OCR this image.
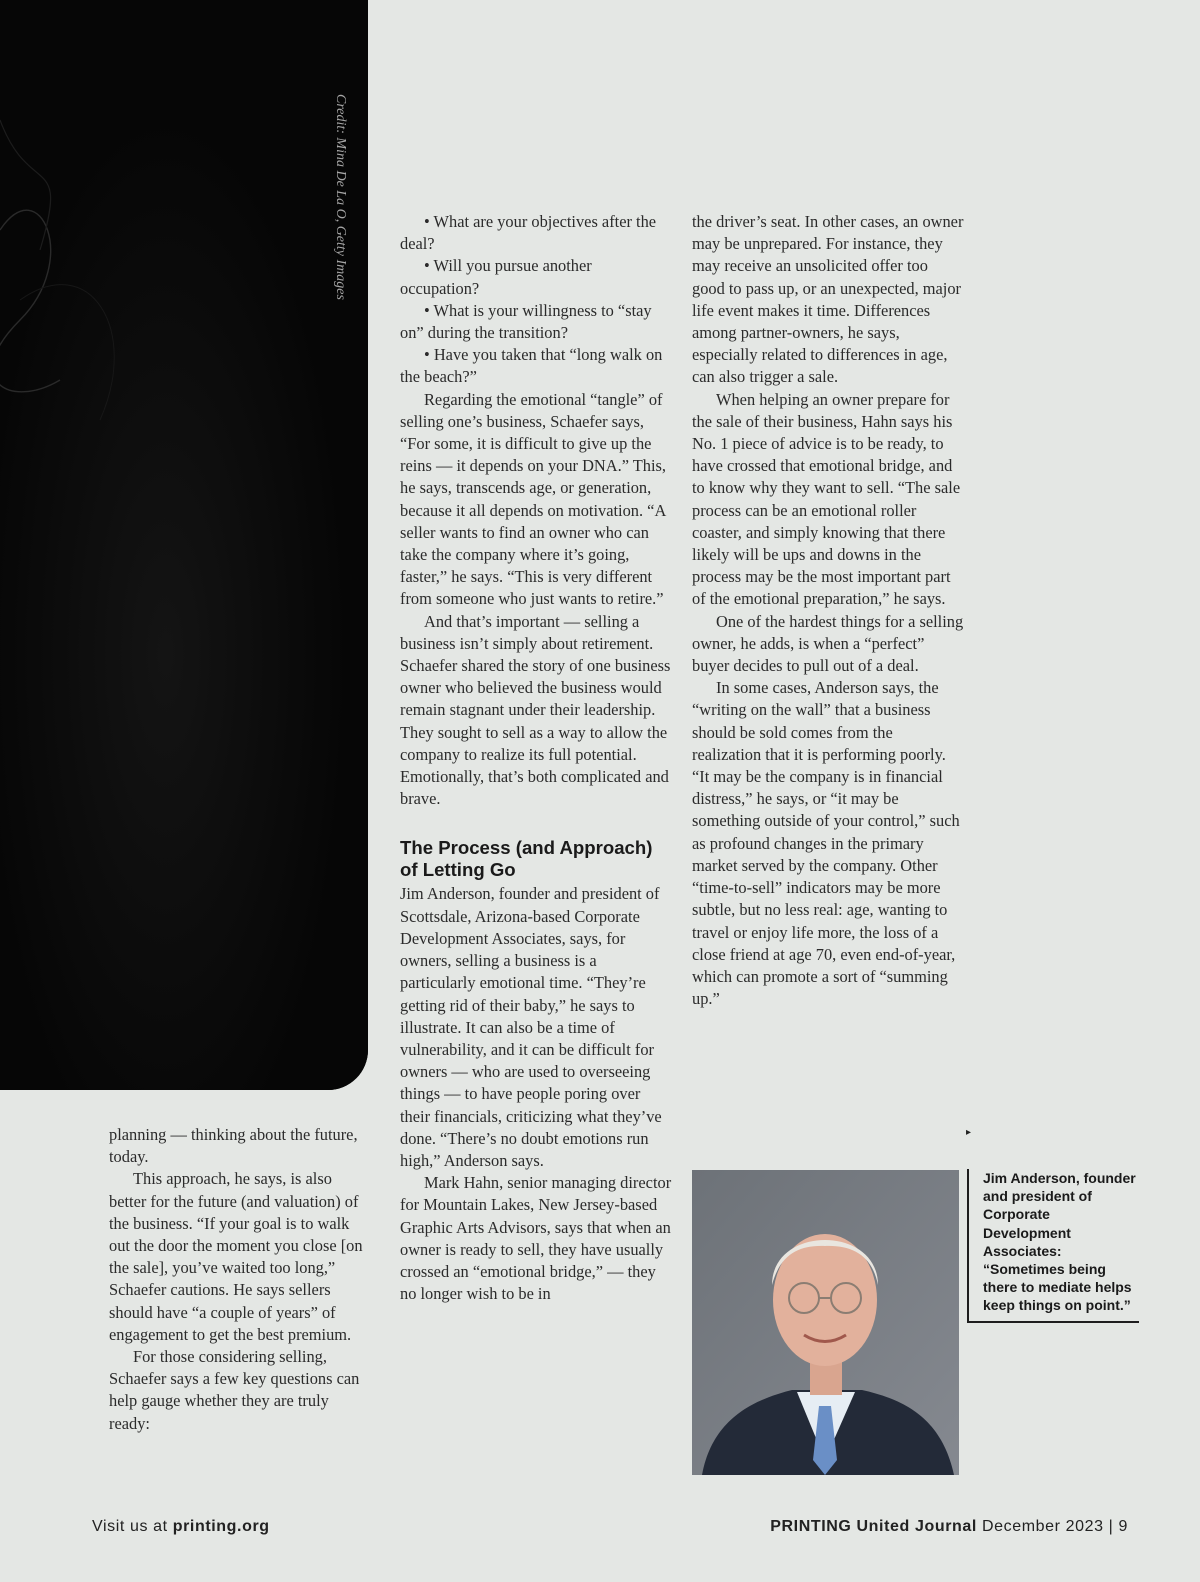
Credit: Mina De La O, Getty Images

planning — thinking about the future, today.

This approach, he says, is also better for the future (and valuation) of the business. “If your goal is to walk out the door the moment you close [on the sale], you’ve waited too long,” Schaefer cautions. He says sellers should have “a couple of years” of engagement to get the best premium.

For those considering selling, Schaefer says a few key questions can help gauge whether they are truly ready:

• What are your objectives after the deal?

• Will you pursue another occupation?

• What is your willingness to “stay on” during the transition?

• Have you taken that “long walk on the beach?”

Regarding the emotional “tangle” of selling one’s business, Schaefer says, “For some, it is difficult to give up the reins — it depends on your DNA.” This, he says, transcends age, or generation, because it all depends on motivation. “A seller wants to find an owner who can take the company where it’s going, faster,” he says. “This is very different from someone who just wants to retire.”

And that’s important — selling a business isn’t simply about retirement. Schaefer shared the story of one business owner who believed the business would remain stagnant under their leadership. They sought to sell as a way to allow the company to realize its full potential. Emotionally, that’s both complicated and brave.

The Process (and Approach) of Letting Go

Jim Anderson, founder and president of Scottsdale, Arizona-based Corporate Development Associates, says, for owners, selling a business is a particularly emotional time. “They’re getting rid of their baby,” he says to illustrate. It can also be a time of vulnerability, and it can be difficult for owners — who are used to overseeing things — to have people poring over their financials, criticizing what they’ve done. “There’s no doubt emotions run high,” Anderson says.

Mark Hahn, senior managing director for Mountain Lakes, New Jersey-based Graphic Arts Advisors, says that when an owner is ready to sell, they have usually crossed an “emotional bridge,” — they no longer wish to be in

the driver’s seat. In other cases, an owner may be unprepared. For instance, they may receive an unsolicited offer too good to pass up, or an unexpected, major life event makes it time. Differences among partner-owners, he says, especially related to differences in age, can also trigger a sale.

When helping an owner prepare for the sale of their business, Hahn says his No. 1 piece of advice is to be ready, to have crossed that emotional bridge, and to know why they want to sell. “The sale process can be an emotional roller coaster, and simply knowing that there likely will be ups and downs in the process may be the most important part of the emotional preparation,” he says.

One of the hardest things for a selling owner, he adds, is when a “perfect” buyer decides to pull out of a deal.

In some cases, Anderson says, the “writing on the wall” that a business should be sold comes from the realization that it is performing poorly. “It may be the company is in financial distress,” he says, or “it may be something outside of your control,” such as profound changes in the primary market served by the company. Other “time-to-sell” indicators may be more subtle, but no less real: age, wanting to travel or enjoy life more, the loss of a close friend at age 70, even end-of-year, which can promote a sort of “summing up.”

▸
Jim Anderson, founder and president of Corporate Development Associates: “Sometimes being there to mediate helps keep things on point.”
Visit us at printing.org	PRINTING United Journal December 2023 | 9
